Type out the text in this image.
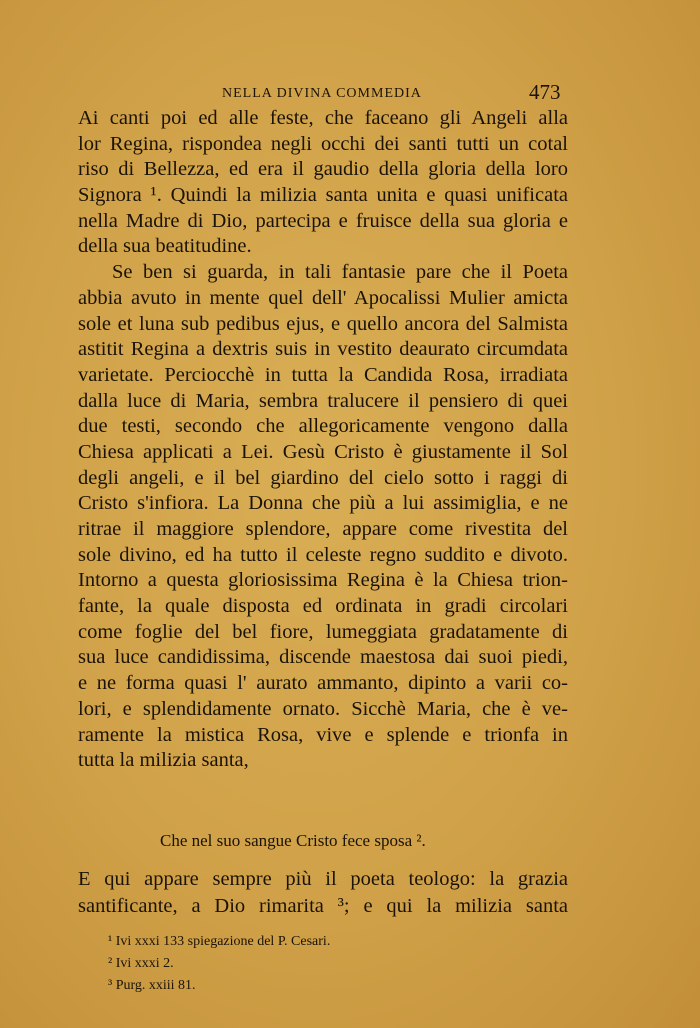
NELLA DIVINA COMMEDIA	473
Ai canti poi ed alle feste, che faceano gli Angeli alla
lor Regina, rispondea negli occhi dei santi tutti un cotal
riso di Bellezza, ed era il gaudio della gloria della loro
Signora ¹. Quindi la milizia santa unita e quasi unificata
nella Madre di Dio, partecipa e fruisce della sua gloria e
della sua beatitudine.
Se ben si guarda, in tali fantasie pare che il Poeta
abbia avuto in mente quel dell' Apocalissi Mulier amicta
sole et luna sub pedibus ejus, e quello ancora del Salmista
astitit Regina a dextris suis in vestito deaurato circumdata
varietate. Perciocchè in tutta la Candida Rosa, irradiata
dalla luce di Maria, sembra tralucere il pensiero di quei
due testi, secondo che allegoricamente vengono dalla
Chiesa applicati a Lei. Gesù Cristo è giustamente il Sol
degli angeli, e il bel giardino del cielo sotto i raggi di
Cristo s'infiora. La Donna che più a lui assimiglia, e ne
ritrae il maggiore splendore, appare come rivestita del
sole divino, ed ha tutto il celeste regno suddito e divoto.
Intorno a questa gloriosissima Regina è la Chiesa trion-
fante, la quale disposta ed ordinata in gradi circolari
come foglie del bel fiore, lumeggiata gradatamente di
sua luce candidissima, discende maestosa dai suoi piedi,
e ne forma quasi l' aurato ammanto, dipinto a varii co-
lori, e splendidamente ornato. Sicchè Maria, che è ve-
ramente la mistica Rosa, vive e splende e trionfa in
tutta la milizia santa,
Che nel suo sangue Cristo fece sposa ².
E qui appare sempre più il poeta teologo: la grazia
santificante, a Dio rimarita ³; e qui la milizia santa
¹ Ivi xxxi 133 spiegazione del P. Cesari.
² Ivi xxxi 2.
³ Purg. xxiii 81.
